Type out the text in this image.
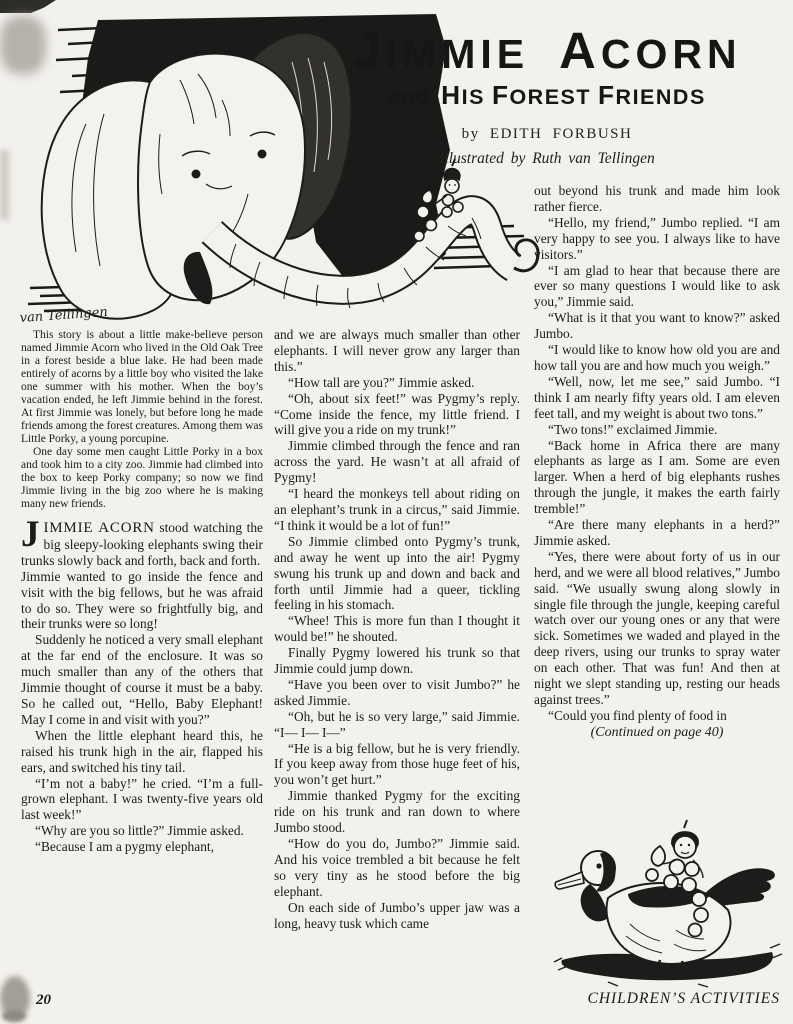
van Tellingen
JIMMIE ACORN
and HIS FOREST FRIENDS
by EDITH FORBUSH
Illustrated by Ruth van Tellingen

out beyond his trunk and made him look rather fierce.

“Hello, my friend,” Jumbo replied. “I am very happy to see you. I always like to have visitors.”

“I am glad to hear that because there are ever so many questions I would like to ask you,” Jimmie said.

“What is it that you want to know?” asked Jumbo.

“I would like to know how old you are and how tall you are and how much you weigh.”

“Well, now, let me see,” said Jumbo. “I think I am nearly fifty years old. I am eleven feet tall, and my weight is about two tons.”

“Two tons!” exclaimed Jimmie.

“Back home in Africa there are many elephants as large as I am. Some are even larger. When a herd of big elephants rushes through the jungle, it makes the earth fairly tremble!”

“Are there many elephants in a herd?” Jimmie asked.

“Yes, there were about forty of us in our herd, and we were all blood relatives,” Jumbo said. “We usually swung along slowly in single file through the jungle, keeping careful watch over our young ones or any that were sick. Sometimes we waded and played in the deep rivers, using our trunks to spray water on each other. That was fun! And then at night we slept standing up, resting our heads against trees.”

“Could you find plenty of food in

(Continued on page 40)

This story is about a little make-believe person named Jimmie Acorn who lived in the Old Oak Tree in a forest beside a blue lake. He had been made entirely of acorns by a little boy who visited the lake one summer with his mother. When the boy’s vacation ended, he left Jimmie behind in the forest. At first Jimmie was lonely, but before long he made friends among the forest creatures. Among them was Little Porky, a young porcupine.

One day some men caught Little Porky in a box and took him to a city zoo. Jimmie had climbed into the box to keep Porky company; so now we find Jimmie living in the big zoo where he is making many new friends.

JIMMIE ACORN stood watching the big sleepy-looking elephants swing their trunks slowly back and forth, back and forth.

Jimmie wanted to go inside the fence and visit with the big fellows, but he was afraid to do so. They were so frightfully big, and their trunks were so long!

Suddenly he noticed a very small elephant at the far end of the enclosure. It was so much smaller than any of the others that Jimmie thought of course it must be a baby. So he called out, “Hello, Baby Elephant! May I come in and visit with you?”

When the little elephant heard this, he raised his trunk high in the air, flapped his ears, and switched his tiny tail.

“I’m not a baby!” he cried. “I’m a full-grown elephant. I was twenty-five years old last week!”

“Why are you so little?” Jimmie asked.

“Because I am a pygmy elephant,

and we are always much smaller than other elephants. I will never grow any larger than this.”

“How tall are you?” Jimmie asked.

“Oh, about six feet!” was Pygmy’s reply. “Come inside the fence, my little friend. I will give you a ride on my trunk!”

Jimmie climbed through the fence and ran across the yard. He wasn’t at all afraid of Pygmy!

“I heard the monkeys tell about riding on an elephant’s trunk in a circus,” said Jimmie. “I think it would be a lot of fun!”

So Jimmie climbed onto Pygmy’s trunk, and away he went up into the air! Pygmy swung his trunk up and down and back and forth until Jimmie had a queer, tickling feeling in his stomach.

“Whee! This is more fun than I thought it would be!” he shouted.

Finally Pygmy lowered his trunk so that Jimmie could jump down.

“Have you been over to visit Jumbo?” he asked Jimmie.

“Oh, but he is so very large,” said Jimmie. “I— I— I—”

“He is a big fellow, but he is very friendly. If you keep away from those huge feet of his, you won’t get hurt.”

Jimmie thanked Pygmy for the exciting ride on his trunk and ran down to where Jumbo stood.

“How do you do, Jumbo?” Jimmie said. And his voice trembled a bit because he felt so very tiny as he stood before the big elephant.

On each side of Jumbo’s upper jaw was a long, heavy tusk which came

20	CHILDREN’S ACTIVITIES
